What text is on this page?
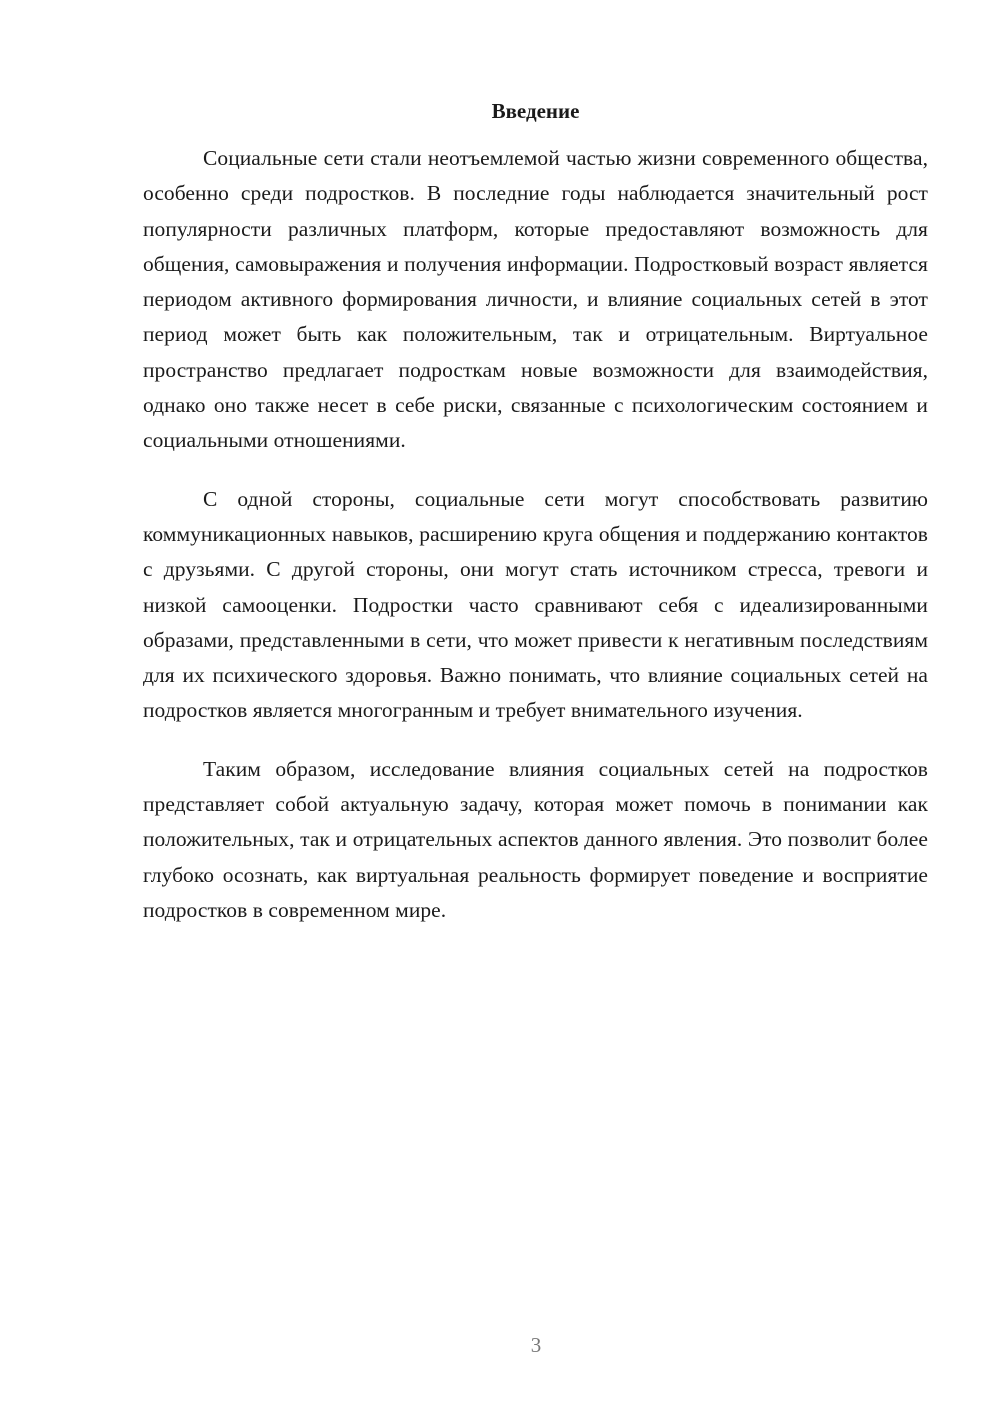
Введение

Социальные сети стали неотъемлемой частью жизни современного общества, особенно среди подростков. В последние годы наблюдается значительный рост популярности различных платформ, которые предоставляют возможность для общения, самовыражения и получения информации. Подростковый возраст является периодом активного формирования личности, и влияние социальных сетей в этот период может быть как положительным, так и отрицательным. Виртуальное пространство предлагает подросткам новые возможности для взаимодействия, однако оно также несет в себе риски, связанные с психологическим состоянием и социальными отношениями.

С одной стороны, социальные сети могут способствовать развитию коммуникационных навыков, расширению круга общения и поддержанию контактов с друзьями. С другой стороны, они могут стать источником стресса, тревоги и низкой самооценки. Подростки часто сравнивают себя с идеализированными образами, представленными в сети, что может привести к негативным последствиям для их психического здоровья. Важно понимать, что влияние социальных сетей на подростков является многогранным и требует внимательного изучения.

Таким образом, исследование влияния социальных сетей на подростков представляет собой актуальную задачу, которая может помочь в понимании как положительных, так и отрицательных аспектов данного явления. Это позволит более глубоко осознать, как виртуальная реальность формирует поведение и восприятие подростков в современном мире.

3
